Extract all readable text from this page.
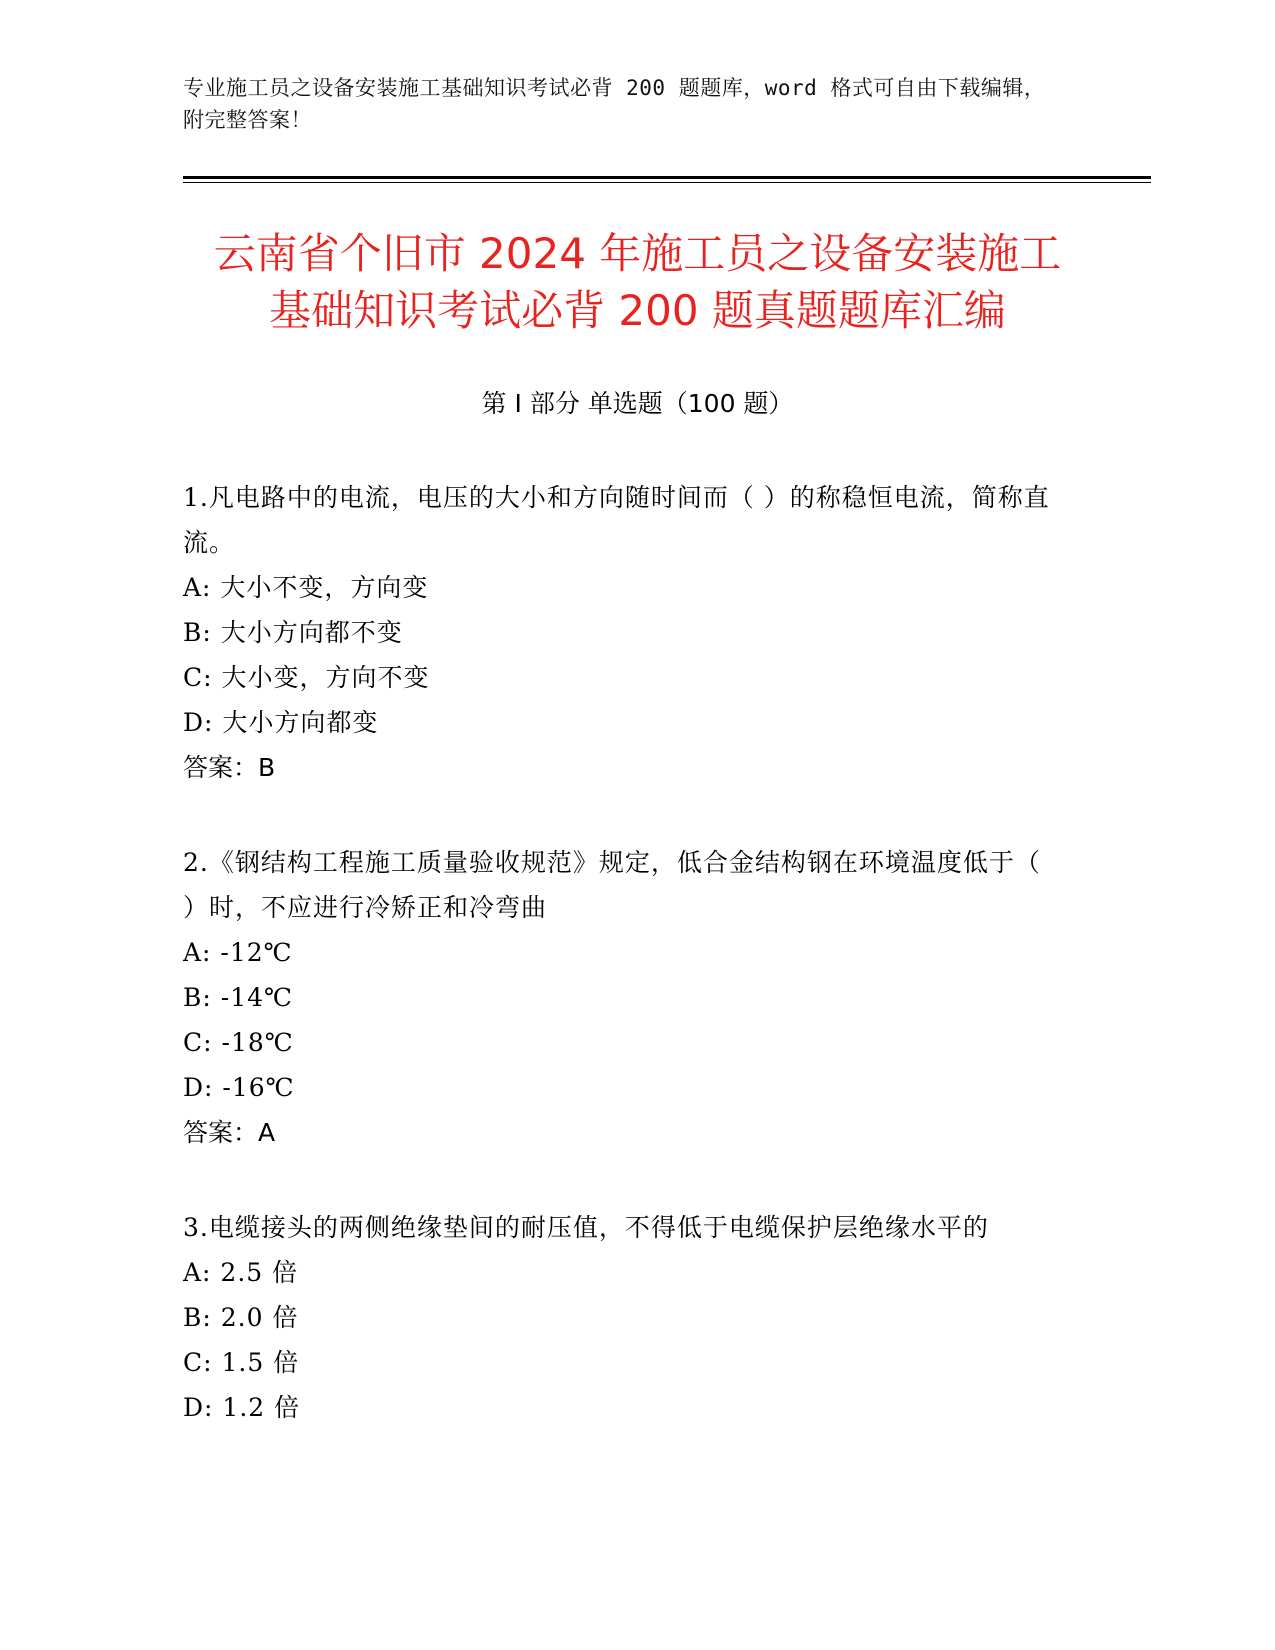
专业施工员之设备安装施工基础知识考试必背 200 题题库，word 格式可自由下载编辑，附完整答案！
云南省个旧市 2024 年施工员之设备安装施工
基础知识考试必背 200 题真题题库汇编
第 I 部分 单选题（100 题）
1.凡电路中的电流，电压的大小和方向随时间而（ ）的称稳恒电流，简称直流。
A: 大小不变，方向变
B: 大小方向都不变
C: 大小变，方向不变
D: 大小方向都变
答案：B
2.《钢结构工程施工质量验收规范》规定，低合金结构钢在环境温度低于（ ）时，不应进行冷矫正和冷弯曲
A: -12℃
B: -14℃
C: -18℃
D: -16℃
答案：A
3.电缆接头的两侧绝缘垫间的耐压值，不得低于电缆保护层绝缘水平的
A: 2.5 倍
B: 2.0 倍
C: 1.5 倍
D: 1.2 倍
